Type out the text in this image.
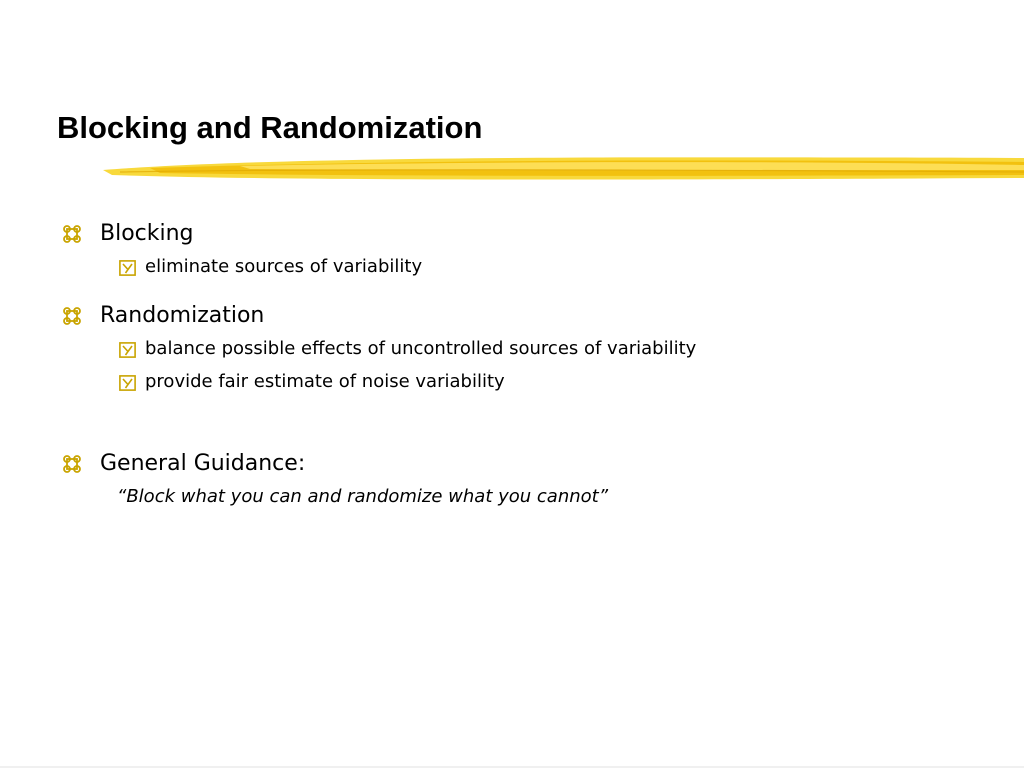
Blocking and Randomization
Blocking
eliminate sources of variability
Randomization
balance possible effects of uncontrolled sources of variability
provide fair estimate of noise variability
General Guidance:
“Block what you can and randomize what you cannot”
